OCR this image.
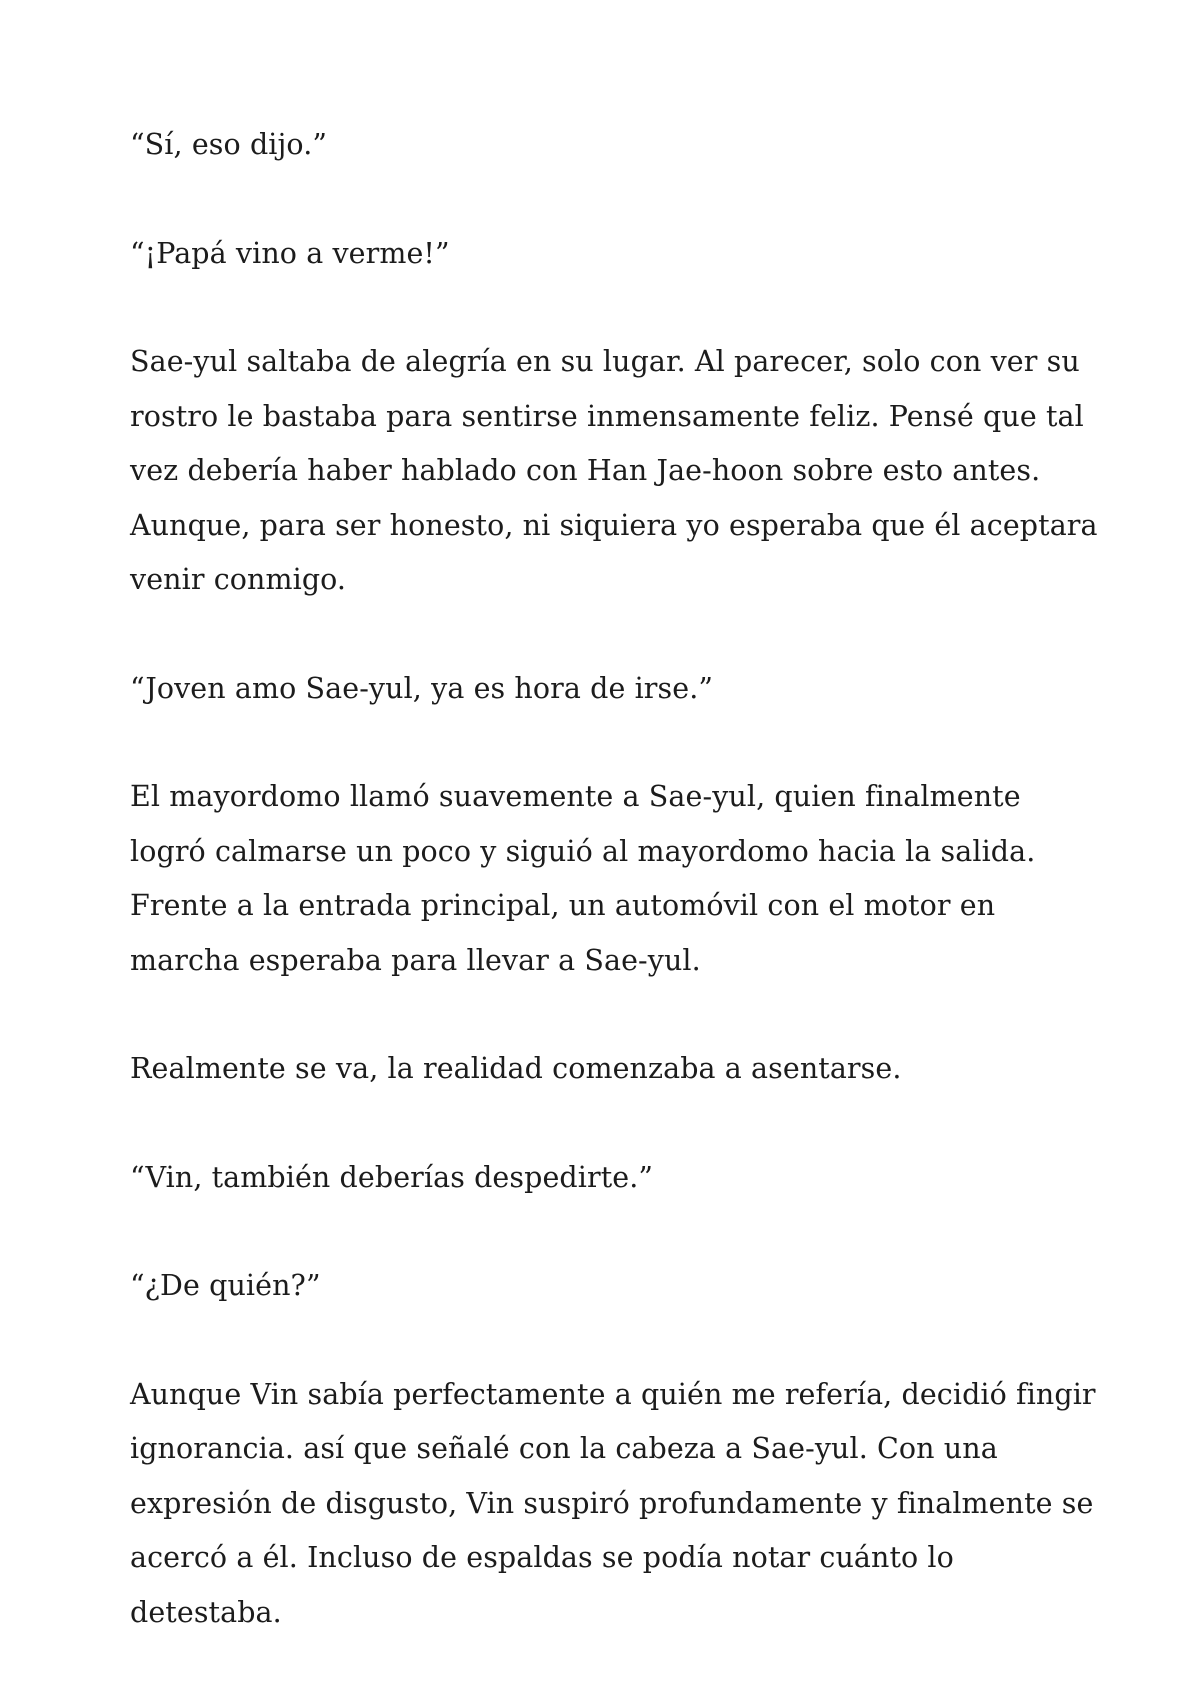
“Sí, eso dijo.”

“¡Papá vino a verme!”

Sae-yul saltaba de alegría en su lugar. Al parecer, solo con ver su rostro le bastaba para sentirse inmensamente feliz. Pensé que tal vez debería haber hablado con Han Jae-hoon sobre esto antes. Aunque, para ser honesto, ni siquiera yo esperaba que él aceptara venir conmigo.

“Joven amo Sae-yul, ya es hora de irse.”

El mayordomo llamó suavemente a Sae-yul, quien finalmente logró calmarse un poco y siguió al mayordomo hacia la salida. Frente a la entrada principal, un automóvil con el motor en marcha esperaba para llevar a Sae-yul.

Realmente se va, la realidad comenzaba a asentarse.

“Vin, también deberías despedirte.”

“¿De quién?”

Aunque Vin sabía perfectamente a quién me refería, decidió fingir ignorancia. así que señalé con la cabeza a Sae-yul. Con una expresión de disgusto, Vin suspiró profundamente y finalmente se acercó a él. Incluso de espaldas se podía notar cuánto lo detestaba.
